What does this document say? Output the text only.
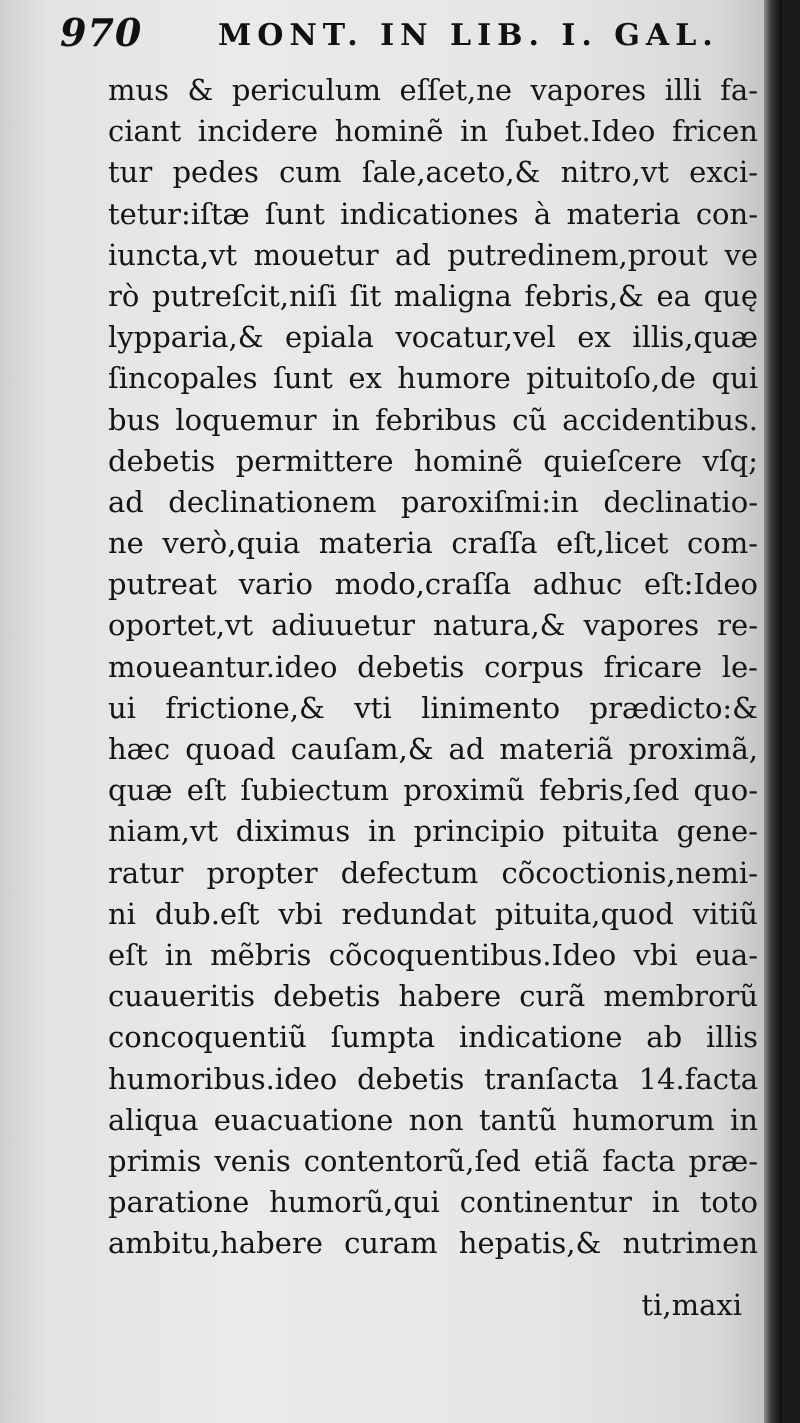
970	MONT. IN LIB. I. GAL.
mus & periculum eſſet,ne vapores illi fa-
ciant incidere hominẽ in ſubet.Ideo fricen
tur pedes cum ſale,aceto,& nitro,vt exci-
tetur:iſtæ ſunt indicationes à materia con-
iuncta,vt mouetur ad putredinem,prout ve
rò putreſcit,niſi ſit maligna febris,& ea quę
lypparia,& epiala vocatur,vel ex illis,quæ
ſincopales ſunt ex humore pituitoſo,de qui
bus loquemur in febribus cũ accidentibus.
debetis permittere hominẽ quieſcere vſq;
ad declinationem paroxiſmi:in declinatio-
ne verò,quia materia craſſa eſt,licet com-
putreat vario modo,craſſa adhuc eſt:Ideo
oportet,vt adiuuetur natura,& vapores re-
moueantur.ideo debetis corpus fricare le-
ui frictione,& vti linimento prædicto:&
hæc quoad cauſam,& ad materiã proximã,
quæ eſt ſubiectum proximũ febris,ſed quo-
niam,vt diximus in principio pituita gene-
ratur propter defectum cõcoctionis,nemi-
ni dub.eſt vbi redundat pituita,quod vitiũ
eſt in mẽbris cõcoquentibus.Ideo vbi eua-
cuaueritis debetis habere curã membrorũ
concoquentiũ ſumpta indicatione ab illis
humoribus.ideo debetis tranſacta 14.facta
aliqua euacuatione non tantũ humorum in
primis venis contentorũ,ſed etiã facta præ-
paratione humorũ,qui continentur in toto
ambitu,habere curam hepatis,& nutrimen
ti,maxi
